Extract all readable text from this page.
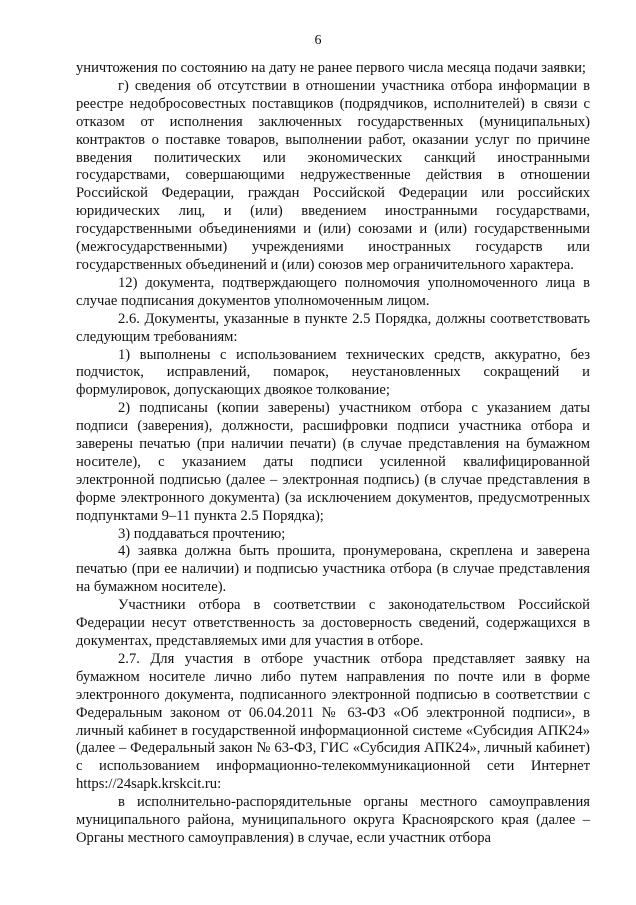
6

уничтожения по состоянию на дату не ранее первого числа месяца подачи заявки;

г) сведения об отсутствии в отношении участника отбора информации в реестре недобросовестных поставщиков (подрядчиков, исполнителей) в связи с отказом от исполнения заключенных государственных (муниципальных) контрактов о поставке товаров, выполнении работ, оказании услуг по причине введения политических или экономических санкций иностранными государствами, совершающими недружественные действия в отношении Российской Федерации, граждан Российской Федерации или российских юридических лиц, и (или) введением иностранными государствами, государственными объединениями и (или) союзами и (или) государственными (межгосударственными) учреждениями иностранных государств или государственных объединений и (или) союзов мер ограничительного характера.

12) документа, подтверждающего полномочия уполномоченного лица в случае подписания документов уполномоченным лицом.

2.6. Документы, указанные в пункте 2.5 Порядка, должны соответствовать следующим требованиям:

1) выполнены с использованием технических средств, аккуратно, без подчисток, исправлений, помарок, неустановленных сокращений и формулировок, допускающих двоякое толкование;

2) подписаны (копии заверены) участником отбора с указанием даты подписи (заверения), должности, расшифровки подписи участника отбора и заверены печатью (при наличии печати) (в случае представления на бумажном носителе), с указанием даты подписи усиленной квалифицированной электронной подписью (далее – электронная подпись) (в случае представления в форме электронного документа) (за исключением документов, предусмотренных подпунктами 9–11 пункта 2.5 Порядка);

3) поддаваться прочтению;

4) заявка должна быть прошита, пронумерована, скреплена и заверена печатью (при ее наличии) и подписью участника отбора (в случае представления на бумажном носителе).

Участники отбора в соответствии с законодательством Российской Федерации несут ответственность за достоверность сведений, содержащихся в документах, представляемых ими для участия в отборе.

2.7. Для участия в отборе участник отбора представляет заявку на бумажном носителе лично либо путем направления по почте или в форме электронного документа, подписанного электронной подписью в соответствии с Федеральным законом от 06.04.2011 № 63-ФЗ «Об электронной подписи», в личный кабинет в государственной информационной системе «Субсидия АПК24» (далее – Федеральный закон № 63-ФЗ, ГИС «Субсидия АПК24», личный кабинет) с использованием информационно-телекоммуникационной сети Интернет https://24sapk.krskcit.ru:

в исполнительно-распорядительные органы местного самоуправления муниципального района, муниципального округа Красноярского края (далее – Органы местного самоуправления) в случае, если участник отбора
